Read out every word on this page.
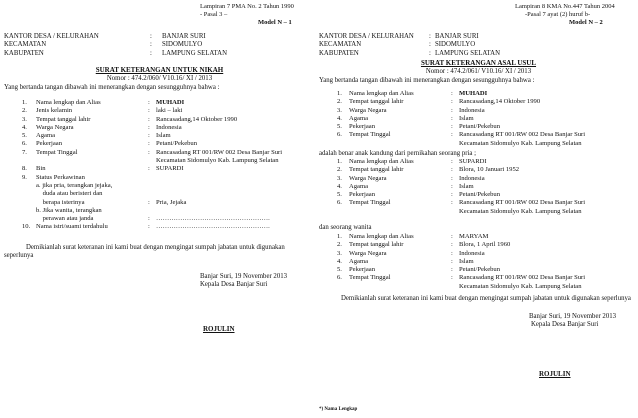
Lampiran 7 PMA No. 2 Tahun 1990
- Pasal 3 –
Model N – 1
KANTOR DESA / KELURAHAN	:	BANJAR SURI
KECAMATAN	:	SIDOMULYO
KABUPATEN	:	LAMPUNG SELATAN
SURAT KETERANGAN UNTUK NIKAH
Nomor : 474.2/060/ V10.16/ XI / 2013
Yang bertanda tangan dibawah ini menerangkan dengan sesungguhnya bahwa :
1.	Nama lengkap dan Alias	: MUHADI
2.	Jenis kelamin	: laki – laki
3.	Tempat tanggal lahir	: Rancasadang,14 Oktober 1990
4.	Warga Negara	: Indonesia
5.	Agama	: Islam
6.	Pekerjaan	: Petani/Pekebun
7.	Tempat Tinggal	: Rancasadang RT 001/RW 002 Desa Banjar Suri
Kecamatan Sidomulyo Kab. Lampung Selatan
8.	Bin	: SUPARDI
9.	Status Perkawinan
a. jika pria, terangkan jejaka,
duda atau beristeri dan
berapa isterinya	: Pria, Jejaka
b. Jika wanita, terangkan
perawan atau janda	: …………………………………………….
10. Nama istri/suami terdahulu	: …………………………………………….
Demikianlah surat keteranan ini kami buat dengan mengingat sumpah jabatan untuk digunakan seperlunya
Banjar Suri, 19 November 2013
Kepala Desa Banjar Suri
ROJULIN
Lampiran 8 KMA No.447 Tahun 2004
-Pasal 7 ayat (2) huruf b-
Model N – 2
KANTOR DESA / KELURAHAN	: BANJAR SURI
KECAMATAN	: SIDOMULYO
KABUPATEN	: LAMPUNG SELATAN
SURAT KETERANGAN ASAL USUL
Nomor : 474.2/061/ V10.16/ XI / 2013
Yang bertanda tangan dibawah ini menerangkan dengan sesungguhnya bahwa :
1.	Nama lengkap dan Alias	: MUHADI
2.	Tempat tanggal lahir	: Rancasadang,14 Oktober 1990
3.	Warga Negara	: Indonesia
4.	Agama	: Islam
5.	Pekerjaan	: Petani/Pekebun
6.	Tempat Tinggal	: Rancasadang RT 001/RW 002 Desa Banjar Suri
Kecamatan Sidomulyo Kab. Lampung Selatan
adalah benar anak kandung dari pernikahan seorang pria ;
1.	Nama lengkap dan Alias	: SUPARDI
2.	Tempat tanggal lahir	: Blora, 10 Januari 1952
3.	Warga Negara	: Indonesia
4.	Agama	: Islam
5.	Pekerjaan	: Petani/Pekebun
6.	Tempat Tinggal	: Rancasadang RT 001/RW 002 Desa Banjar Suri
Kecamatan Sidomulyo Kab. Lampung Selatan
dan seorang wanita
1.	Nama lengkap dan Alias	: MARYAM
2.	Tempat tanggal lahir	: Blora, 1 April 1960
3.	Warga Negara	: Indonesia
4.	Agama	: Islam
5.	Pekerjaan	: Petani/Pekebun
6.	Tempat Tinggal	: Rancasadang RT 001/RW 002 Desa Banjar Suri
Kecamatan Sidomulyo Kab. Lampung Selatan
Demikianlah surat keteranan ini kami buat dengan mengingat sumpah jabatan untuk digunakan seperlunya
Banjar Suri, 19 November 2013
Kepala Desa Banjar Suri
ROJULIN
*) Nama Lengkap
